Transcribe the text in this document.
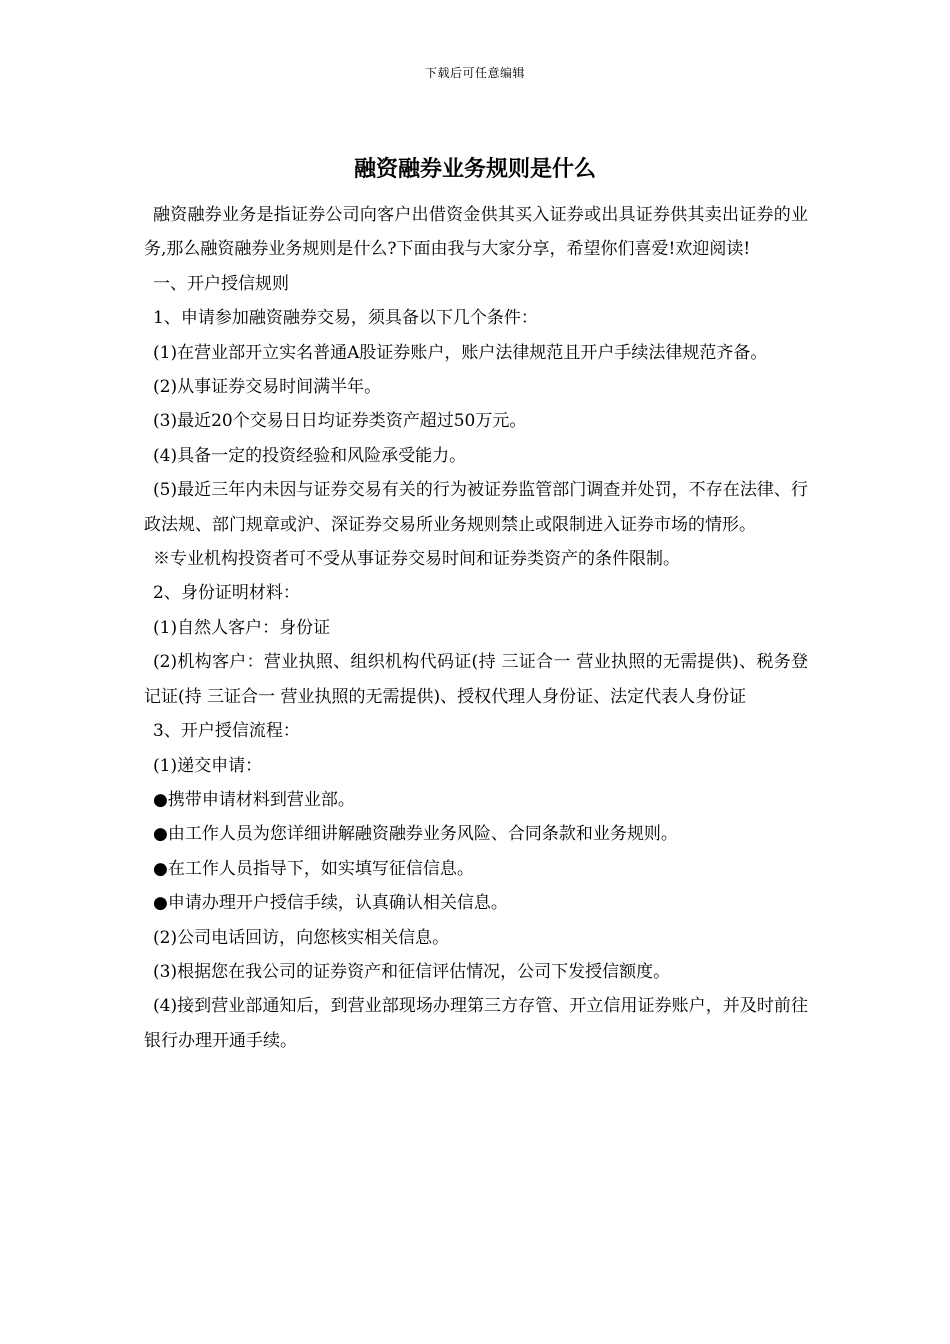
下载后可任意编辑
融资融券业务规则是什么

融资融券业务是指证券公司向客户出借资金供其买入证券或出具证券供其卖出证券的业务,那么融资融券业务规则是什么?下面由我与大家分享，希望你们喜爱!欢迎阅读!

一、开户授信规则

1、申请参加融资融券交易，须具备以下几个条件：

(1)在营业部开立实名普通A股证券账户，账户法律规范且开户手续法律规范齐备。

(2)从事证券交易时间满半年。

(3)最近20个交易日日均证券类资产超过50万元。

(4)具备一定的投资经验和风险承受能力。

(5)最近三年内未因与证券交易有关的行为被证券监管部门调查并处罚，不存在法律、行政法规、部门规章或沪、深证券交易所业务规则禁止或限制进入证券市场的情形。

※专业机构投资者可不受从事证券交易时间和证券类资产的条件限制。

2、身份证明材料：

(1)自然人客户：身份证

(2)机构客户：营业执照、组织机构代码证(持 三证合一 营业执照的无需提供)、税务登记证(持 三证合一 营业执照的无需提供)、授权代理人身份证、法定代表人身份证

3、开户授信流程：

(1)递交申请：

●携带申请材料到营业部。

●由工作人员为您详细讲解融资融券业务风险、合同条款和业务规则。

●在工作人员指导下，如实填写征信信息。

●申请办理开户授信手续，认真确认相关信息。

(2)公司电话回访，向您核实相关信息。

(3)根据您在我公司的证券资产和征信评估情况，公司下发授信额度。

(4)接到营业部通知后，到营业部现场办理第三方存管、开立信用证券账户，并及时前往银行办理开通手续。
